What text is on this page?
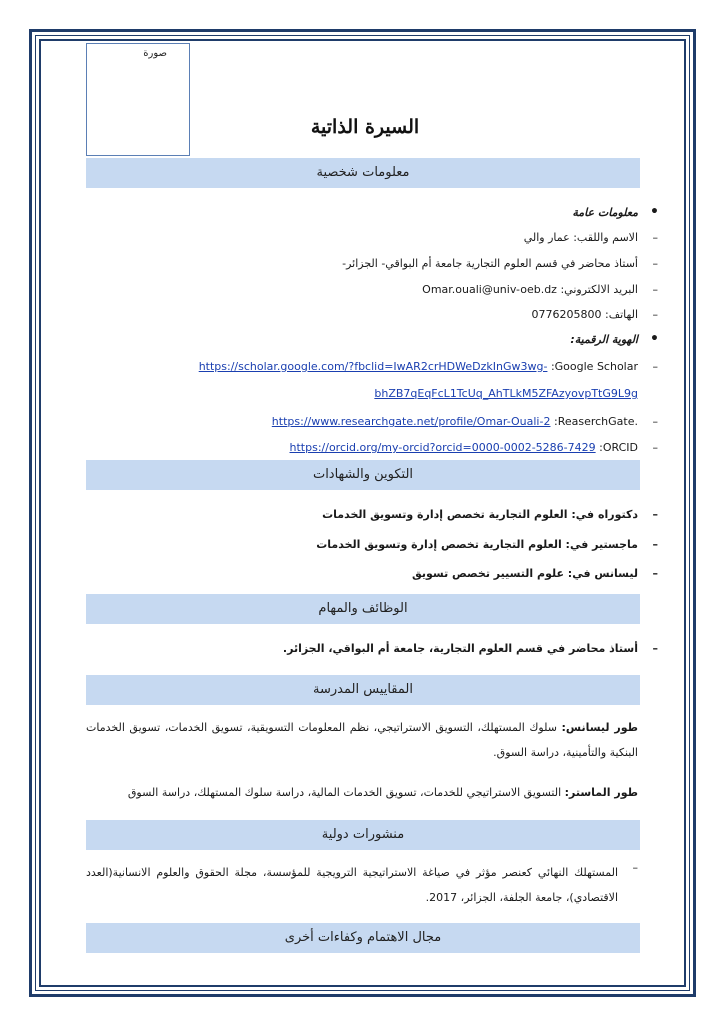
صورة
السيرة الذاتية
معلومات شخصية
• معلومات عامة
– الاسم واللقب: عمار والي
– أستاذ محاضر في قسم العلوم التجارية جامعة أم البواقي- الجزائر-
– البريد الالكتروني: Omar.ouali@univ-oeb.dz
– الهاتف: 0776205800
• الهوية الرقمية:
– Google Scholar: https://scholar.google.com/?fbclid=IwAR2crHDWeDzkInGw3wg-
bhZB7qEqFcL1TcUq_AhTLkM5ZFAzyovpTtG9L9g
– .ReaserchGate: https://www.researchgate.net/profile/Omar-Ouali-2
– ORCID: https://orcid.org/my-orcid?orcid=0000-0002-5286-7429
التكوين والشهادات
– دكتوراه في: العلوم التجارية تخصص إدارة وتسويق الخدمات
– ماجستير في: العلوم التجارية تخصص إدارة وتسويق الخدمات
– ليسانس في: علوم التسيير تخصص تسويق
الوظائف والمهام
– أستاذ محاضر في قسم العلوم التجارية، جامعة أم البواقي، الجزائر.
المقاييس المدرسة
طور ليسانس: سلوك المستهلك، التسويق الاستراتيجي، نظم المعلومات التسويقية، تسويق الخدمات، تسويق الخدمات البنكية والتأمينية، دراسة السوق.
طور الماستر: التسويق الاستراتيجي للخدمات، تسويق الخدمات المالية، دراسة سلوك المستهلك، دراسة السوق
منشورات دولية
المستهلك النهائي كعنصر مؤثر في صياغة الاستراتيجية الترويجية للمؤسسة، مجلة الحقوق والعلوم الانسانية(العدد الاقتصادي)، جامعة الجلفة، الجزائر، 2017.
–
مجال الاهتمام وكفاءات أخرى
